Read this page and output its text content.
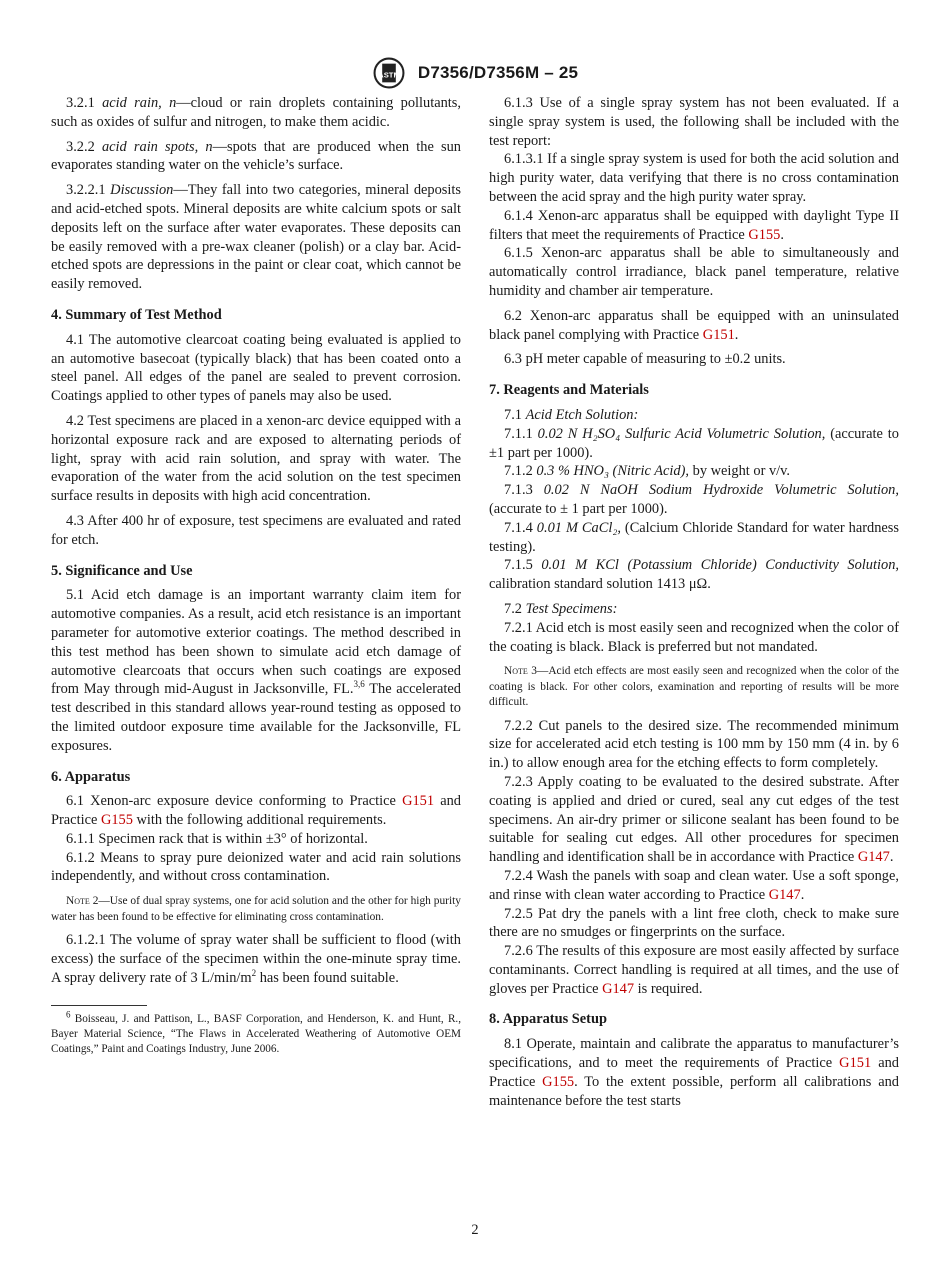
ASTM D7356/D7356M – 25

3.2.1 acid rain, n—cloud or rain droplets containing pollutants, such as oxides of sulfur and nitrogen, to make them acidic.

3.2.2 acid rain spots, n—spots that are produced when the sun evaporates standing water on the vehicle’s surface.

3.2.2.1 Discussion—They fall into two categories, mineral deposits and acid-etched spots. Mineral deposits are white calcium spots or salt deposits left on the surface after water evaporates. These deposits can be easily removed with a pre-wax cleaner (polish) or a clay bar. Acid-etched spots are depressions in the paint or clear coat, which cannot be easily removed.

4. Summary of Test Method

4.1 The automotive clearcoat coating being evaluated is applied to an automotive basecoat (typically black) that has been coated onto a steel panel. All edges of the panel are sealed to prevent corrosion. Coatings applied to other types of panels may also be used.

4.2 Test specimens are placed in a xenon-arc device equipped with a horizontal exposure rack and are exposed to alternating periods of light, spray with acid rain solution, and spray with water. The evaporation of the water from the acid solution on the test specimen surface results in deposits with high acid concentration.

4.3 After 400 hr of exposure, test specimens are evaluated and rated for etch.

5. Significance and Use

5.1 Acid etch damage is an important warranty claim item for automotive companies. As a result, acid etch resistance is an important parameter for automotive exterior coatings. The method described in this test method has been shown to simulate acid etch damage of automotive clearcoats that occurs when such coatings are exposed from May through mid-August in Jacksonville, FL.$^{3,6}$ The accelerated test described in this standard allows year-round testing as opposed to the limited outdoor exposure time available for the Jacksonville, FL exposures.

6. Apparatus

6.1 Xenon-arc exposure device conforming to Practice G151 and Practice G155 with the following additional requirements.

6.1.1 Specimen rack that is within ±3° of horizontal.

6.1.2 Means to spray pure deionized water and acid rain solutions independently, and without cross contamination.

Note 2—Use of dual spray systems, one for acid solution and the other for high purity water has been found to be effective for eliminating cross contamination.

6.1.2.1 The volume of spray water shall be sufficient to flood (with excess) the surface of the specimen within the one-minute spray time. A spray delivery rate of 3 $L/\min/m^2$ has been found suitable.

$^6$ Boisseau, J. and Pattison, L., BASF Corporation, and Henderson, K. and Hunt, R., Bayer Material Science, “The Flaws in Accelerated Weathering of Automotive OEM Coatings,” Paint and Coatings Industry, June 2006.

6.1.3 Use of a single spray system has not been evaluated. If a single spray system is used, the following shall be included with the test report:

6.1.3.1 If a single spray system is used for both the acid solution and high purity water, data verifying that there is no cross contamination between the acid spray and the high purity water spray.

6.1.4 Xenon-arc apparatus shall be equipped with daylight Type II filters that meet the requirements of Practice G155.

6.1.5 Xenon-arc apparatus shall be able to simultaneously and automatically control irradiance, black panel temperature, relative humidity and chamber air temperature.

6.2 Xenon-arc apparatus shall be equipped with an uninsulated black panel complying with Practice G151.

6.3 pH meter capable of measuring to ±0.2 units.

7. Reagents and Materials

7.1 Acid Etch Solution:

7.1.1 0.02 N H₂SO₄ Sulfuric Acid Volumetric Solution, (accurate to ±1 part per 1000).

7.1.2 0.3 % HNO₃ (Nitric Acid), by weight or v/v.

7.1.3 0.02 N NaOH Sodium Hydroxide Volumetric Solution, (accurate to ± 1 part per 1000).

7.1.4 0.01 M CaCl₂, (Calcium Chloride Standard for water hardness testing).

7.1.5 0.01 M KCl (Potassium Chloride) Conductivity Solution, calibration standard solution 1413 μΩ.

7.2 Test Specimens:

7.2.1 Acid etch is most easily seen and recognized when the color of the coating is black. Black is preferred but not mandated.

Note 3—Acid etch effects are most easily seen and recognized when the color of the coating is black. For other colors, examination and reporting of results will be more difficult.

7.2.2 Cut panels to the desired size. The recommended minimum size for accelerated acid etch testing is 100 mm by 150 mm (4 in. by 6 in.) to allow enough area for the etching effects to form completely.

7.2.3 Apply coating to be evaluated to the desired substrate. After coating is applied and dried or cured, seal any cut edges of the test specimens. An air-dry primer or silicone sealant has been found to be suitable for sealing cut edges. All other procedures for specimen handling and identification shall be in accordance with Practice G147.

7.2.4 Wash the panels with soap and clean water. Use a soft sponge, and rinse with clean water according to Practice G147.

7.2.5 Pat dry the panels with a lint free cloth, check to make sure there are no smudges or fingerprints on the surface.

7.2.6 The results of this exposure are most easily affected by surface contaminants. Correct handling is required at all times, and the use of gloves per Practice G147 is required.

8. Apparatus Setup

8.1 Operate, maintain and calibrate the apparatus to manufacturer’s specifications, and to meet the requirements of Practice G151 and Practice G155. To the extent possible, perform all calibrations and maintenance before the test starts

2
